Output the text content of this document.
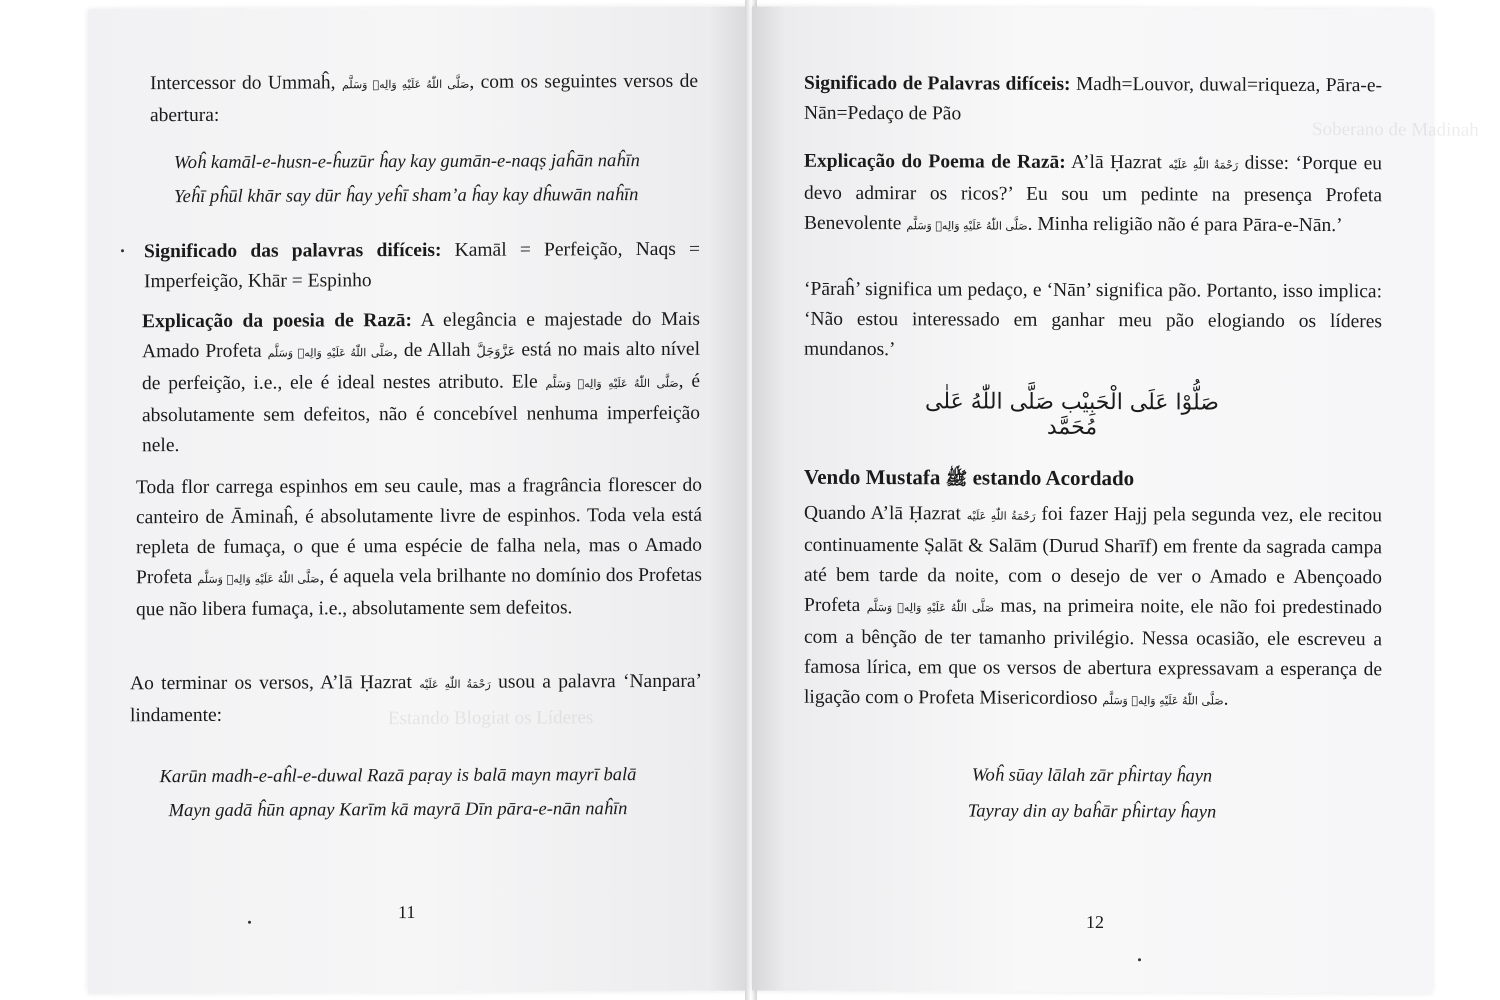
Intercessor do Ummaĥ, صَلَّى اللّٰهُ عَلَيْهِ وَالِهٖ وَسَلَّم, com os seguintes versos de abertura:

Woĥ kamāl-e-husn-e-ĥuzūr ĥay kay gumān-e-naqṣ jaĥān naĥīn

Yeĥī pĥūl khār say dūr ĥay yeĥī sham’a ĥay kay dĥuwān naĥīn

Significado das palavras difíceis: Kamāl = Perfeição, Naqs = Imperfeição, Khār = Espinho

Explicação da poesia de Razā: A elegância e majestade do Mais Amado Profeta صَلَّى اللّٰهُ عَلَيْهِ وَالِهٖ وَسَلَّم, de Allah عَزَّوَجَلَّ está no mais alto nível de perfeição, i.e., ele é ideal nestes atributo. Ele صَلَّى اللّٰهُ عَلَيْهِ وَالِهٖ وَسَلَّم, é absolutamente sem defeitos, não é concebível nenhuma imperfeição nele.

Toda flor carrega espinhos em seu caule, mas a fragrância florescer do canteiro de Āminaĥ, é absolutamente livre de espinhos. Toda vela está repleta de fumaça, o que é uma espécie de falha nela, mas o Amado Profeta صَلَّى اللّٰهُ عَلَيْهِ وَالِهٖ وَسَلَّم, é aquela vela brilhante no domínio dos Profetas que não libera fumaça, i.e., absolutamente sem defeitos.

Ao terminar os versos, A’lā Ḥazrat رَحْمَةُ اللّٰهِ عَلَيْه usou a palavra ‘Nanpara’ lindamente:	Estando Blogiat os Líderes

Karūn madh-e-aĥl-e-duwal Razā paṛay is balā mayn mayrī balā

Mayn gadā ĥūn apnay Karīm kā mayrā Dīn pāra-e-nān naĥīn

11
Soberano de Madinah

Significado de Palavras difíceis: Madh=Louvor, duwal=riqueza, Pāra-e-Nān=Pedaço de Pão

Explicação do Poema de Razā: A’lā Ḥazrat رَحْمَةُ اللّٰهِ عَلَيْه disse: ‘Porque eu devo admirar os ricos?’ Eu sou um pedinte na presença Profeta Benevolente صَلَّى اللّٰهُ عَلَيْهِ وَالِهٖ وَسَلَّم. Minha religião não é para Pāra-e-Nān.’

‘Pāraĥ’ significa um pedaço, e ‘Nān’ significa pão. Portanto, isso implica: ‘Não estou interessado em ganhar meu pão elogiando os líderes mundanos.’

صَلُّوْا عَلَى الْحَبِيْب صَلَّى اللّٰهُ عَلٰى مُحَمَّد
Vendo Mustafa ﷺ estando Acordado

Quando A’lā Ḥazrat رَحْمَةُ اللّٰهِ عَلَيْه foi fazer Hajj pela segunda vez, ele recitou continuamente Ṣalāt & Salām (Durud Sharīf) em frente da sagrada campa até bem tarde da noite, com o desejo de ver o Amado e Abençoado Profeta صَلَّى اللّٰهُ عَلَيْهِ وَالِهٖ وَسَلَّم mas, na primeira noite, ele não foi predestinado com a bênção de ter tamanho privilégio. Nessa ocasião, ele escreveu a famosa lírica, em que os versos de abertura expressavam a esperança de ligação com o Profeta Misericordioso صَلَّى اللّٰهُ عَلَيْهِ وَالِهٖ وَسَلَّم.

Woĥ sūay lālah zār pĥirtay ĥayn

Tayray din ay baĥār pĥirtay ĥayn

12
